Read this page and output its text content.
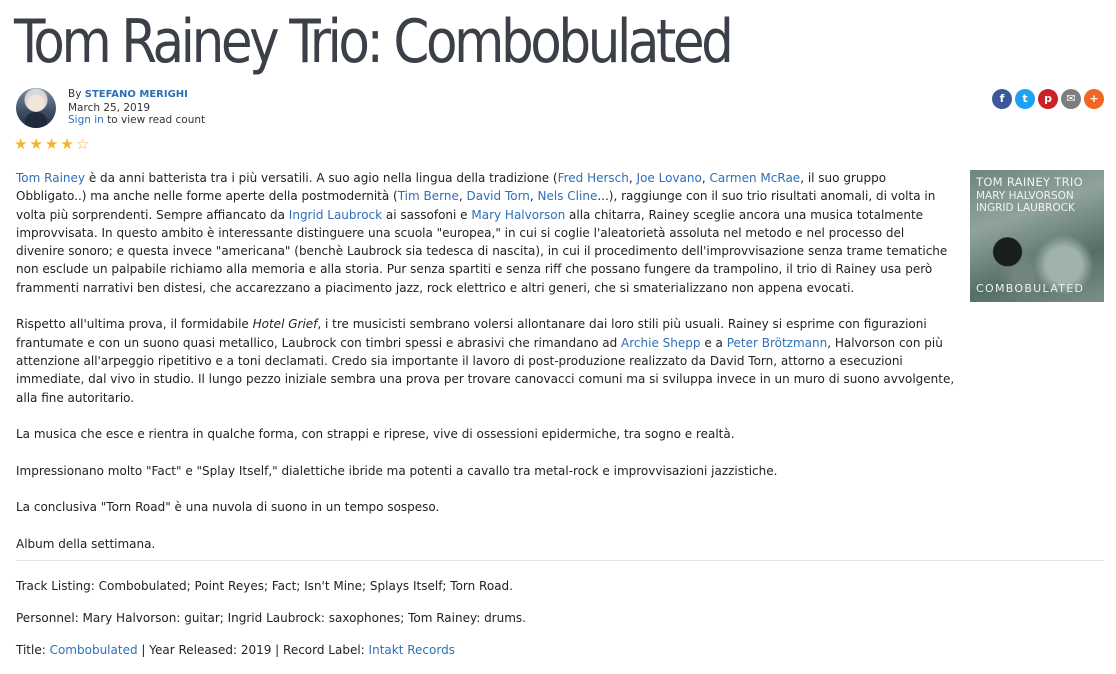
Tom Rainey Trio: Combobulated
By STEFANO MERIGHI
March 25, 2019
Sign in to view read count
f	t	p	✉	+
★★★★☆
TOM RAINEY TRIO
MARY HALVORSON
INGRID LAUBROCK
COMBOBULATED

Tom Rainey è da anni batterista tra i più versatili. A suo agio nella lingua della tradizione (Fred Hersch, Joe Lovano, Carmen McRae, il suo gruppo Obbligato..) ma anche nelle forme aperte della postmodernità (Tim Berne, David Torn, Nels Cline...), raggiunge con il suo trio risultati anomali, di volta in volta più sorprendenti. Sempre affiancato da Ingrid Laubrock ai sassofoni e Mary Halvorson alla chitarra, Rainey sceglie ancora una musica totalmente improvvisata. In questo ambito è interessante distinguere una scuola "europea," in cui si coglie l'aleatorietà assoluta nel metodo e nel processo del divenire sonoro; e questa invece "americana" (benchè Laubrock sia tedesca di nascita), in cui il procedimento dell'improvvisazione senza trame tematiche non esclude un palpabile richiamo alla memoria e alla storia. Pur senza spartiti e senza riff che possano fungere da trampolino, il trio di Rainey usa però frammenti narrativi ben distesi, che accarezzano a piacimento jazz, rock elettrico e altri generi, che si smaterializzano non appena evocati.

Rispetto all'ultima prova, il formidabile Hotel Grief, i tre musicisti sembrano volersi allontanare dai loro stili più usuali. Rainey si esprime con figurazioni frantumate e con un suono quasi metallico, Laubrock con timbri spessi e abrasivi che rimandano ad Archie Shepp e a Peter Brötzmann, Halvorson con più attenzione all'arpeggio ripetitivo e a toni declamati. Credo sia importante il lavoro di post-produzione realizzato da David Torn, attorno a esecuzioni immediate, dal vivo in studio. Il lungo pezzo iniziale sembra una prova per trovare canovacci comuni ma si sviluppa invece in un muro di suono avvolgente, alla fine autoritario.

La musica che esce e rientra in qualche forma, con strappi e riprese, vive di ossessioni epidermiche, tra sogno e realtà.

Impressionano molto "Fact" e "Splay Itself," dialettiche ibride ma potenti a cavallo tra metal-rock e improvvisazioni jazzistiche.

La conclusiva "Torn Road" è una nuvola di suono in un tempo sospeso.

Album della settimana.

Track Listing: Combobulated; Point Reyes; Fact; Isn't Mine; Splays Itself; Torn Road.

Personnel: Mary Halvorson: guitar; Ingrid Laubrock: saxophones; Tom Rainey: drums.

Title: Combobulated | Year Released: 2019 | Record Label: Intakt Records
